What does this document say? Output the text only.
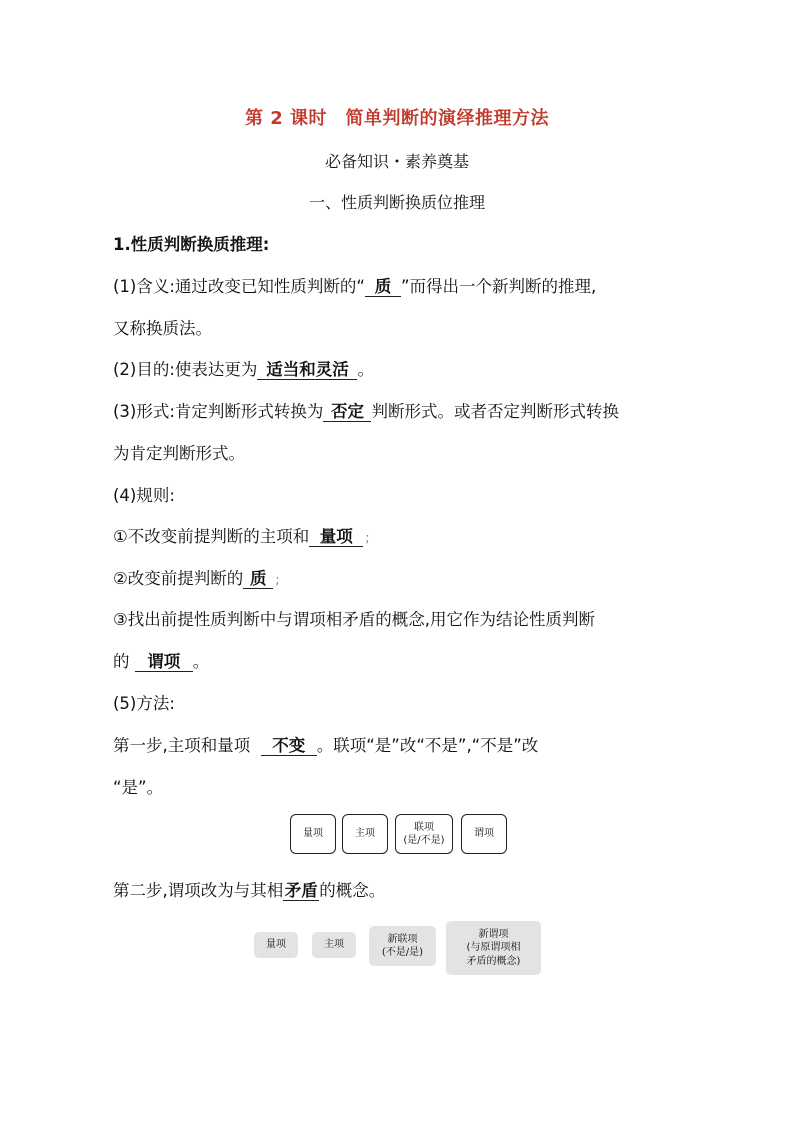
第 2 课时　简单判断的演绎推理方法
必备知识・素养奠基
一、性质判断换质位推理
1.性质判断换质推理:
(1)含义:通过改变已知性质判断的“ 质 ”而得出一个新判断的推理,
又称换质法。
(2)目的:使表达更为 适当和灵活 。
(3)形式:肯定判断形式转换为 否定 判断形式。或者否定判断形式转换
为肯定判断形式。
(4)规则:
①不改变前提判断的主项和 量项 ;
②改变前提判断的 质 ;
③找出前提性质判断中与谓项相矛盾的概念,用它作为结论性质判断
的 谓项 。
(5)方法:
第一步,主项和量项 不变 。联项“是”改“不是”,“不是”改
“是”。
量项	主项
联项
(是/不是)
谓项
第二步,谓项改为与其相矛盾的概念。
量项	主项
新联项
(不是/是)
新谓项
(与原谓项相
矛盾的概念)
